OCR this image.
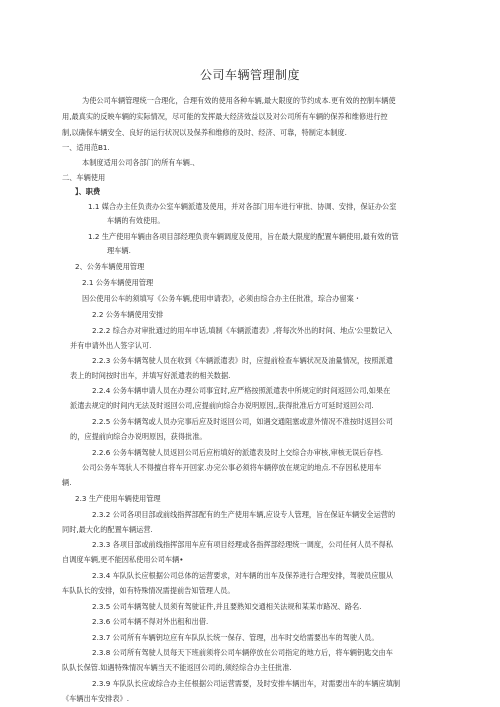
公司车辆管理制度
为使公司车辆管理统一合理化，合理有效的使用各种车辆,最大限度的节约成本.更有效的控制车辆使
用,最真实的反映车辆的实际情况，尽可能的发挥最大经济效益以及对公司所有车辆的保养和维修进行控
制,以确保车辆安全、良好的运行状况以及保养和维修的及时、经济、可靠，特制定本制度.
一、适用范B1.
本制度适用公司各部门的所有车辆.、
二、车辆使用
】、职费
1.1 媒合办主任负责办公室车辆派遣及使用，并对各部门用车进行审批、协调、安排，保证办公室
车辆的有效使用。
1.2 生产使用车辆由各项目部经理负责车辆调度及使用，旨在最大限度的配置车辆使用,最有效的管
理车辆.
2、公务车辆使用管理
2.1 公务车辆使用管理
因公使用公车的须填写《公务车辆,使用申请表》，必须由综合办主任批准，琮合办留案・
2.2 公务车辆使用安排
2.2.2 综合办对审批通过的用车申话,填制《车辆派遣表》,将每次外出的时间、地点'公里数记入
并有申请外出人签字认可.
2.2.3 公务车辆驾驶人员在收到《车辆派遣表》时，应提前检查车辆状况及油量情况，按照派遣
表上的时间按时出车，并填写好派遣表的相关数据.
2.2.4 公务车辆申请人员在办理公司事宜时,应严格按照派遣表中所规定的时间返回公司,如果在
派遣去规定的时间内无法及时返回公司,应提前向综合办说明原因,,获得批准后方可延时返回公司.
2.2.5 公务车辆驾或人员办完事后应及时返回公司，如遇交通阻塞或意外情况不准按时返回公司
的，应提前向综合办说明原因，获得批准。
2.2.6 公务车辆驾驶人员返回公司后应桁填好的派遣表及时上交综合办审核,审核无误后存档.
公司公务车驾驮人不得擅自将车开回家.办完公事必须将车辆停放在规定的地点.不存因私使用车
辆.
2.3 生产使用车辆使用管理
2.3.2 公司各项目部或前线指挥部配有的生产使用车辆,应设专人管理，旨在保证车辆安全运营的
同时,最大化的配置车辆运营.
2.3.3 各项目部或前线指挥部用车应有项目经理或各指挥部经理统一调度，公司任何人员不得私
自调度车辆,更不能因私使用公司车辆•
2.3.4 车队队长应根据公司总体的运营要求，对车辆的出车及保养进行合理安排，驾驶员应服从
车队队长的安排，如有特殊情况需提前告知管理人员。
2.3.5 公司车辆驾驶人员须有驾驶证件,并且要熟知交通相关法规和某某市路况、路名.
2.3.6 公司车辆不得对外出租和出借.
2.3.7 公司所有车辆钥垃应有车队队长统一保存、管理，出车时交给需要出车的驾驶人员。
2.3.8 公司所有驾驶人员每天下班前须将公司车辆停放在公司指定的地方后，将车辆钥匙交由车
队队长保管.如遇特殊情况车辆当天不能返回公司的,须经综合办主任批准.
2.3.9 车队队长应或综合办主任根据公司运营需要，及时安排车辆出车，对需要出车的车辆应填制
《车辆出车安排表》.
